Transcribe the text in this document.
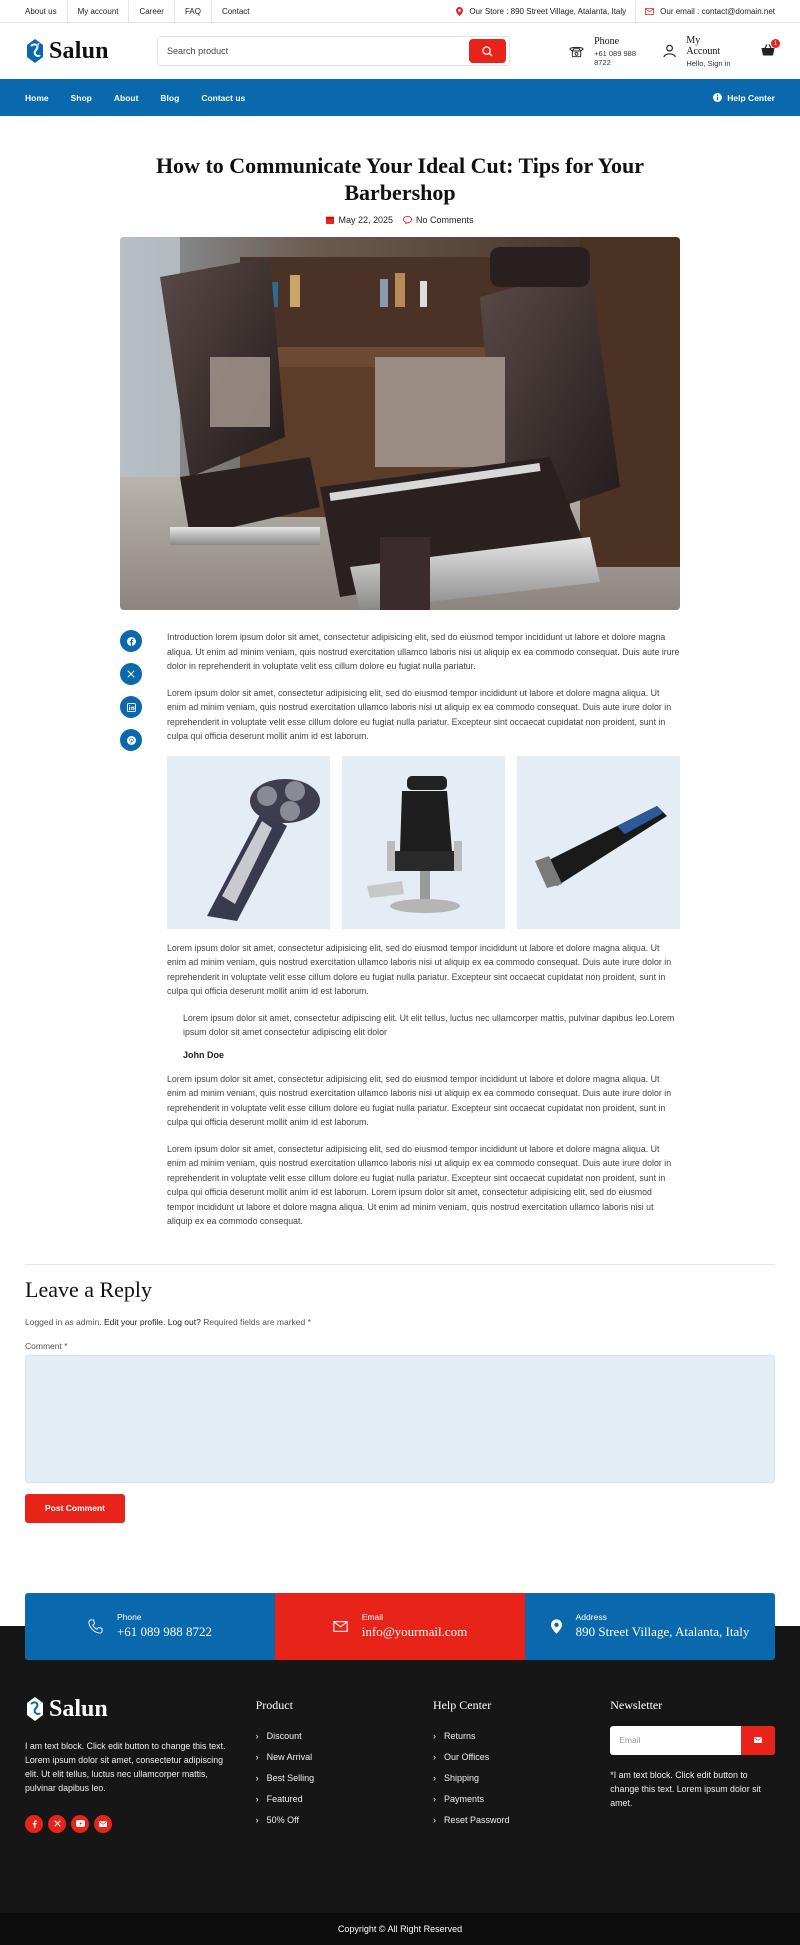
About us	My account	Career	FAQ	Contact	Our Store : 890 Street Village, Atalanta, Italy	Our email : contact@domain.net
Salun	Search product
Phone
+61 089 988 8722
My Account
Hello, Sign in
1
Home	Shop	About	Blog	Contact us	Help Center
How to Communicate Your Ideal Cut: Tips for Your Barbershop
May 22, 2025	No Comments

Introduction lorem ipsum dolor sit amet, consectetur adipisicing elit, sed do eiusmod tempor incididunt ut labore et dolore magna aliqua. Ut enim ad minim veniam, quis nostrud exercitation ullamco laboris nisi ut aliquip ex ea commodo consequat. Duis aute irure dolor in reprehenderit in voluptate velit ess cillum dolore eu fugiat nulla pariatur.

Lorem ipsum dolor sit amet, consectetur adipisicing elit, sed do eiusmod tempor incididunt ut labore et dolore magna aliqua. Ut enim ad minim veniam, quis nostrud exercitation ullamco laboris nisi ut aliquip ex ea commodo consequat. Duis aute irure dolor in reprehenderit in voluptate velit esse cillum dolore eu fugiat nulla pariatur. Excepteur sint occaecat cupidatat non proident, sunt in culpa qui officia deserunt mollit anim id est laborum.

Lorem ipsum dolor sit amet, consectetur adipisicing elit, sed do eiusmod tempor incididunt ut labore et dolore magna aliqua. Ut enim ad minim veniam, quis nostrud exercitation ullamco laboris nisi ut aliquip ex ea commodo consequat. Duis aute irure dolor in reprehenderit in voluptate velit esse cillum dolore eu fugiat nulla pariatur. Excepteur sint occaecat cupidatat non proident, sunt in culpa qui officia deserunt mollit anim id est laborum.

Lorem ipsum dolor sit amet, consectetur adipiscing elit. Ut elit tellus, luctus nec ullamcorper mattis, pulvinar dapibus leo.Lorem ipsum dolor sit amet consectetur adipiscing elit dolor
John Doe

Lorem ipsum dolor sit amet, consectetur adipisicing elit, sed do eiusmod tempor incididunt ut labore et dolore magna aliqua. Ut enim ad minim veniam, quis nostrud exercitation ullamco laboris nisi ut aliquip ex ea commodo consequat. Duis aute irure dolor in reprehenderit in voluptate velit esse cillum dolore eu fugiat nulla pariatur. Excepteur sint occaecat cupidatat non proident, sunt in culpa qui officia deserunt mollit anim id est laborum.

Lorem ipsum dolor sit amet, consectetur adipisicing elit, sed do eiusmod tempor incididunt ut labore et dolore magna aliqua. Ut enim ad minim veniam, quis nostrud exercitation ullamco laboris nisi ut aliquip ex ea commodo consequat. Duis aute irure dolor in reprehenderit in voluptate velit esse cillum dolore eu fugiat nulla pariatur. Excepteur sint occaecat cupidatat non proident, sunt in culpa qui officia deserunt mollit anim id est laborum. Lorem ipsum dolor sit amet, consectetur adipisicing elit, sed do eiusmod tempor incididunt ut labore et dolore magna aliqua. Ut enim ad minim veniam, quis nostrud exercitation ullamco laboris nisi ut aliquip ex ea commodo consequat.

Leave a Reply
Logged in as admin. Edit your profile. Log out? Required fields are marked *
Comment *
Post Comment
Phone
+61 089 988 8722
Email
info@yourmail.com
Address
890 Street Village, Atalanta, Italy
Salun

I am text block. Click edit button to change this text. Lorem ipsum dolor sit amet, consectetur adipiscing elit. Ut elit tellus, luctus nec ullamcorper mattis, pulvinar dapibus leo.

Product
› Discount
› New Arrival
› Best Selling
› Featured
› 50% Off
Help Center
› Returns
› Our Offices
› Shipping
› Payments
› Reset Password
Newsletter
Email

*I am text block. Click edit button to change this text. Lorem ipsum dolor sit amet.

Copyright © All Right Reserved
